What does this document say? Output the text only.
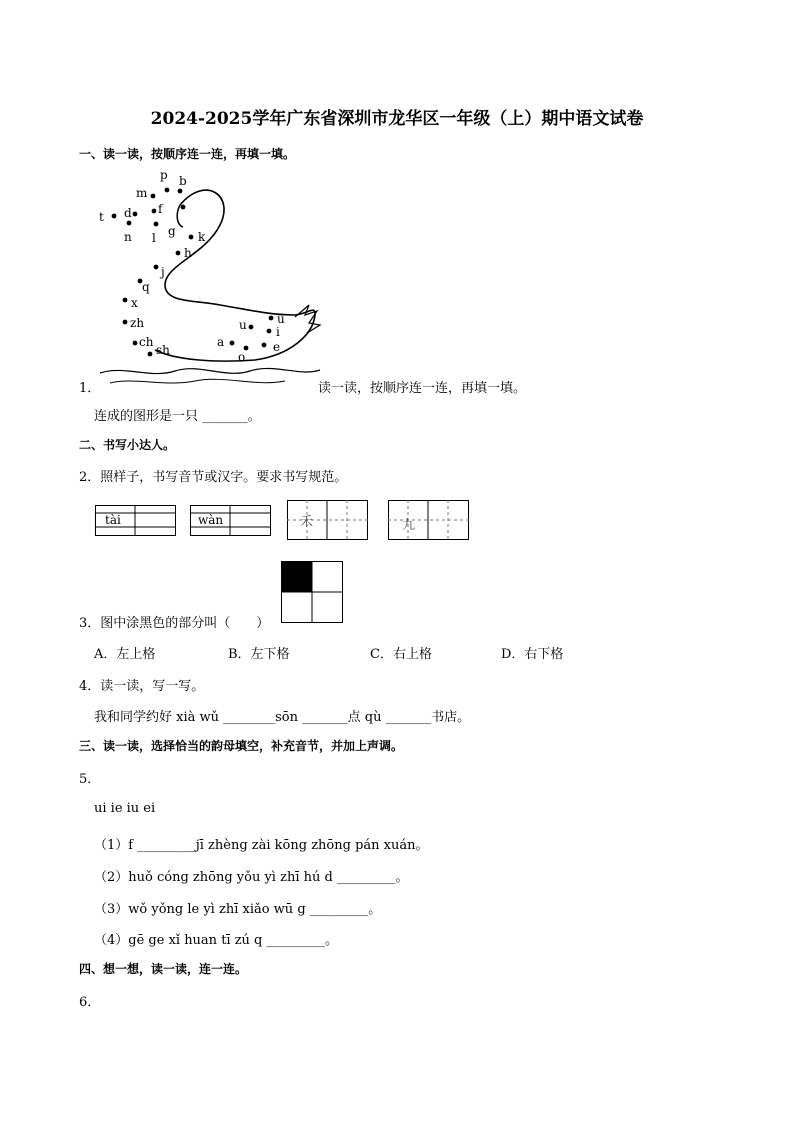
2024-2025学年广东省深圳市龙华区一年级（上）期中语文试卷
一、读一读，按顺序连一连，再填一填。
p b
m
f
t d
n l g k
h
j
q
x
zh
ch
sh
a
o
u	ü
i
e
1．	读一读，按顺序连一连，再填一填。
连成的图形是一只 _______。
二、书写小达人。
2．照样子，书写音节或汉字。要求书写规范。
tài	wàn	禾	九
3．图中涂黑色的部分叫（　　）
A．左上格	B．左下格	C．右上格	D．右下格
4．读一读，写一写。
我和同学约好 xià wǔ ________sōn _______点 qù _______书店。
三、读一读，选择恰当的韵母填空，补充音节，并加上声调。
5．
ui ie iu ei
（1）f _________jī zhèng zài kōng zhōng pán xuán。
（2）huǒ cóng zhōng yǒu yì zhī hú d _________。
（3）wǒ yǒng le yì zhī xiǎo wū g _________。
（4）gē ge xǐ huan tī zú q _________。
四、想一想，读一读，连一连。
6．
